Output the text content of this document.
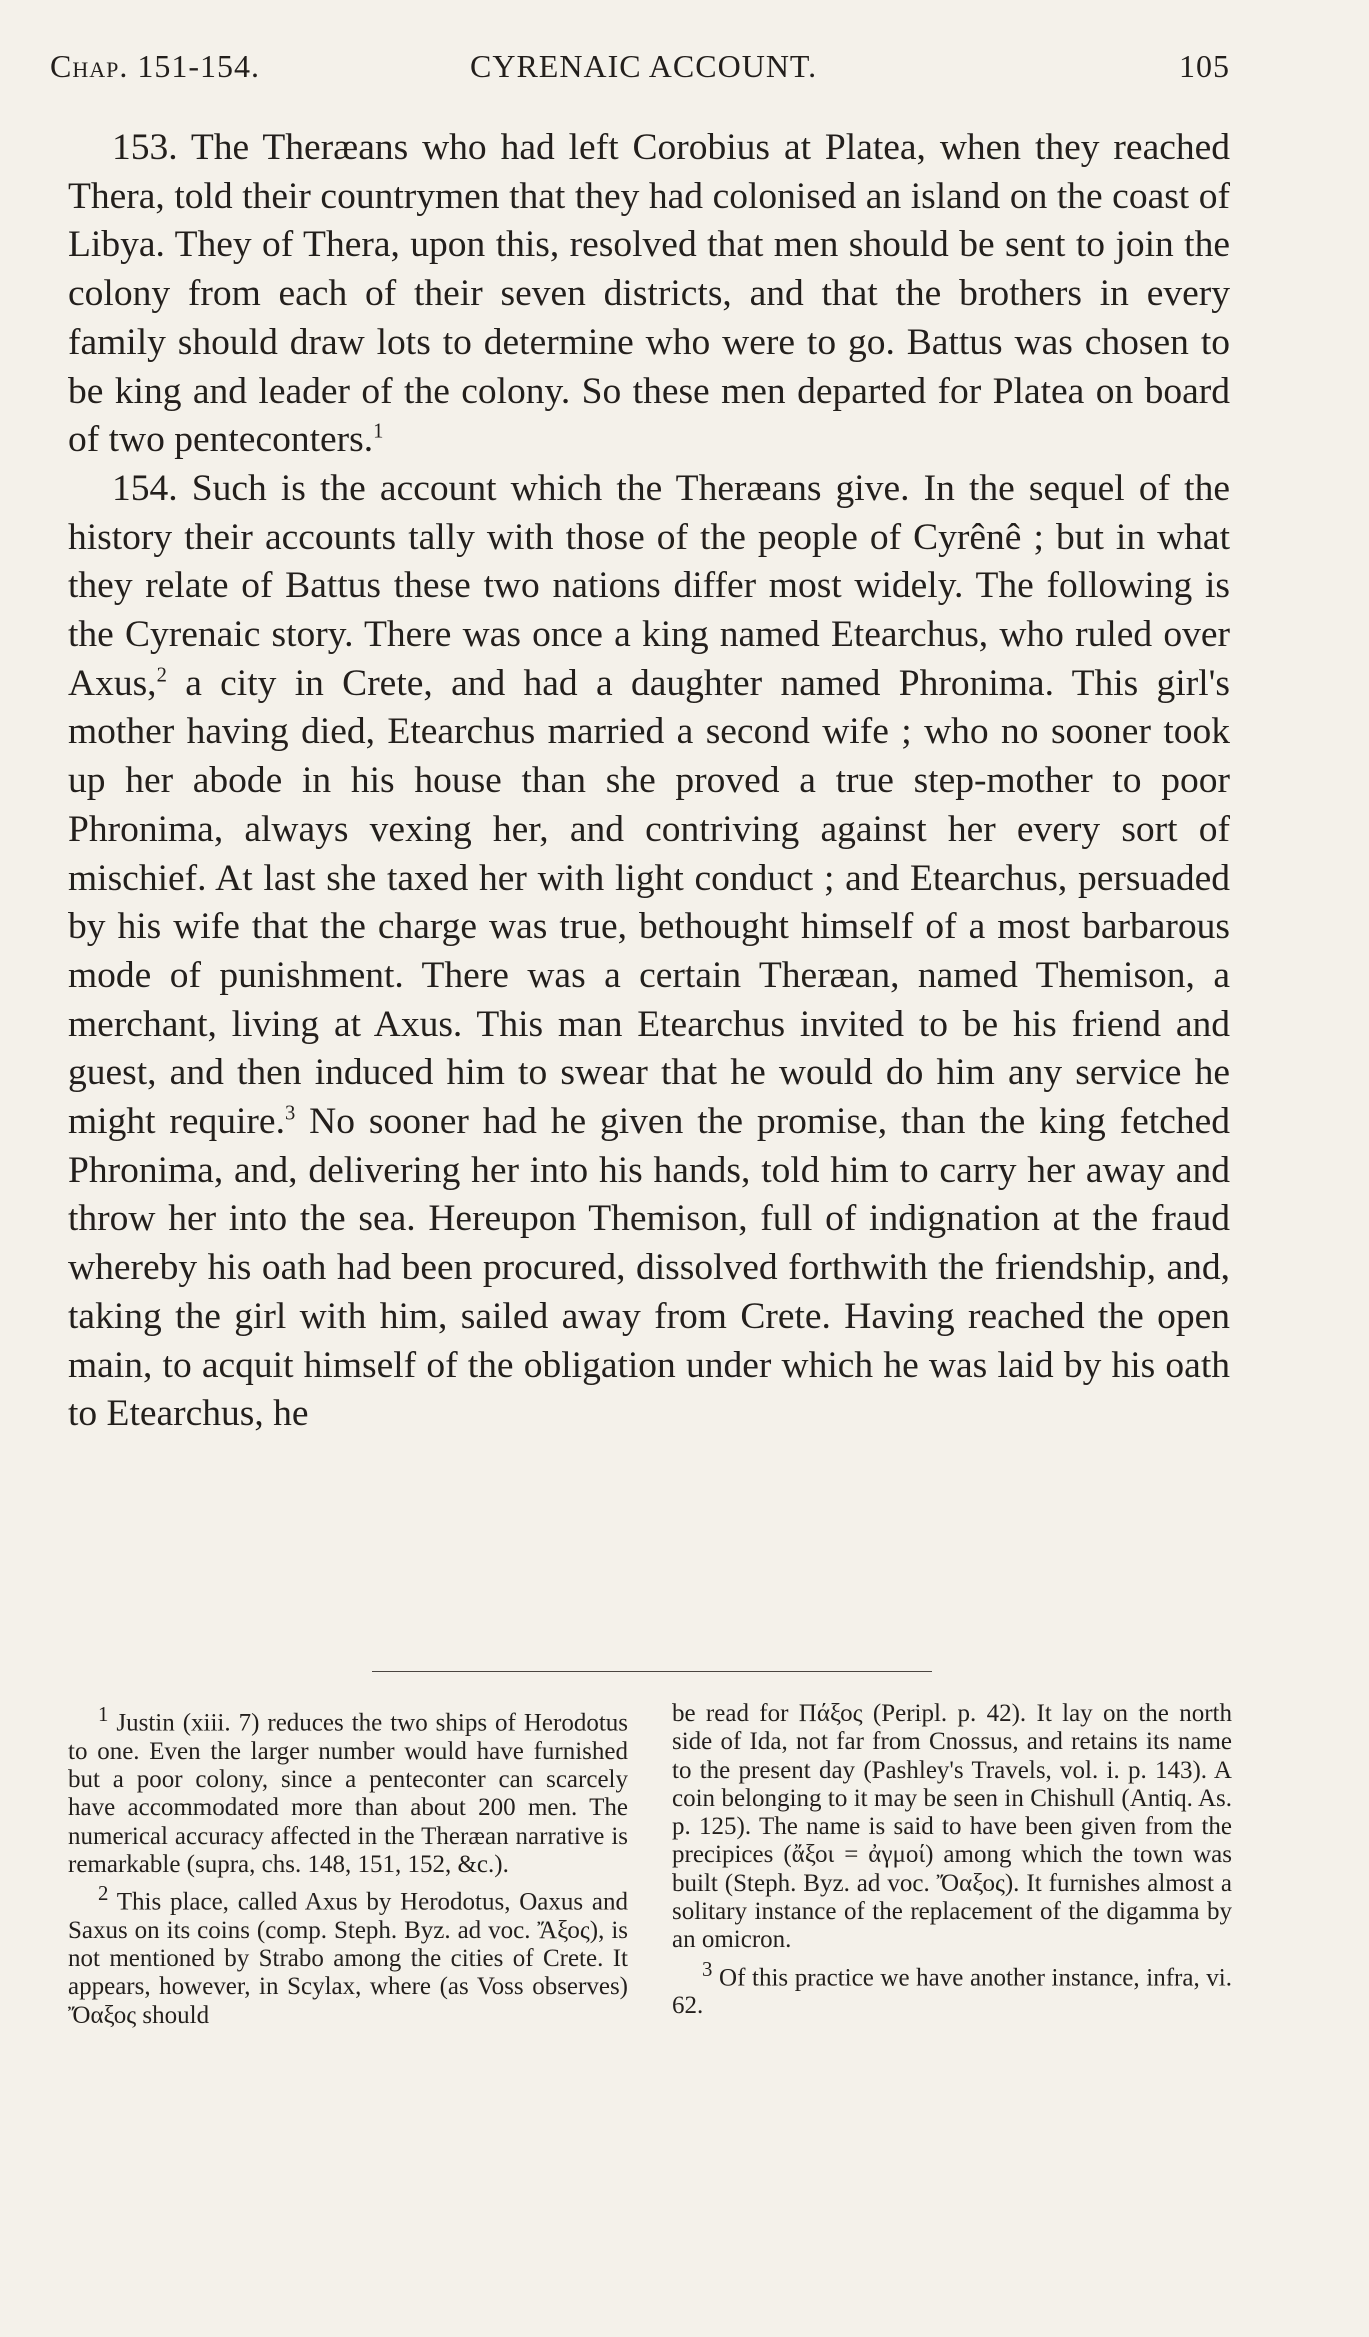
Chap. 151-154.	CYRENAIC ACCOUNT.	105

153. The Theræans who had left Corobius at Platea, when they reached Thera, told their countrymen that they had colonised an island on the coast of Libya. They of Thera, upon this, resolved that men should be sent to join the colony from each of their seven districts, and that the brothers in every family should draw lots to determine who were to go. Battus was chosen to be king and leader of the colony. So these men departed for Platea on board of two penteconters.$^1$

154. Such is the account which the Theræans give. In the sequel of the history their accounts tally with those of the people of Cyrênê ; but in what they relate of Battus these two nations differ most widely. The following is the Cyrenaic story. There was once a king named Etearchus, who ruled over Axus,$^2$ a city in Crete, and had a daughter named Phronima. This girl's mother having died, Etearchus married a second wife ; who no sooner took up her abode in his house than she proved a true step-mother to poor Phronima, always vexing her, and contriving against her every sort of mischief. At last she taxed her with light conduct ; and Etearchus, persuaded by his wife that the charge was true, bethought himself of a most barbarous mode of punishment. There was a certain Theræan, named Themison, a merchant, living at Axus. This man Etearchus invited to be his friend and guest, and then induced him to swear that he would do him any service he might require.$^3$ No sooner had he given the promise, than the king fetched Phronima, and, delivering her into his hands, told him to carry her away and throw her into the sea. Hereupon Themison, full of indignation at the fraud whereby his oath had been procured, dissolved forthwith the friendship, and, taking the girl with him, sailed away from Crete. Having reached the open main, to acquit himself of the obligation under which he was laid by his oath to Etearchus, he

$^1$ Justin (xiii. 7) reduces the two ships of Herodotus to one. Even the larger number would have furnished but a poor colony, since a penteconter can scarcely have accommodated more than about 200 men. The numerical accuracy affected in the Theræan narrative is remarkable (supra, chs. 148, 151, 152, &c.).

$^2$ This place, called Axus by Herodotus, Oaxus and Saxus on its coins (comp. Steph. Byz. ad voc. Ἄξος), is not mentioned by Strabo among the cities of Crete. It appears, however, in Scylax, where (as Voss observes) Ὄαξος should

be read for Πάξος (Peripl. p. 42). It lay on the north side of Ida, not far from Cnossus, and retains its name to the present day (Pashley's Travels, vol. i. p. 143). A coin belonging to it may be seen in Chishull (Antiq. As. p. 125). The name is said to have been given from the precipices (ἄξοι = ἀγμοί) among which the town was built (Steph. Byz. ad voc. Ὄαξος). It furnishes almost a solitary instance of the replacement of the digamma by an omicron.

$^3$ Of this practice we have another instance, infra, vi. 62.
